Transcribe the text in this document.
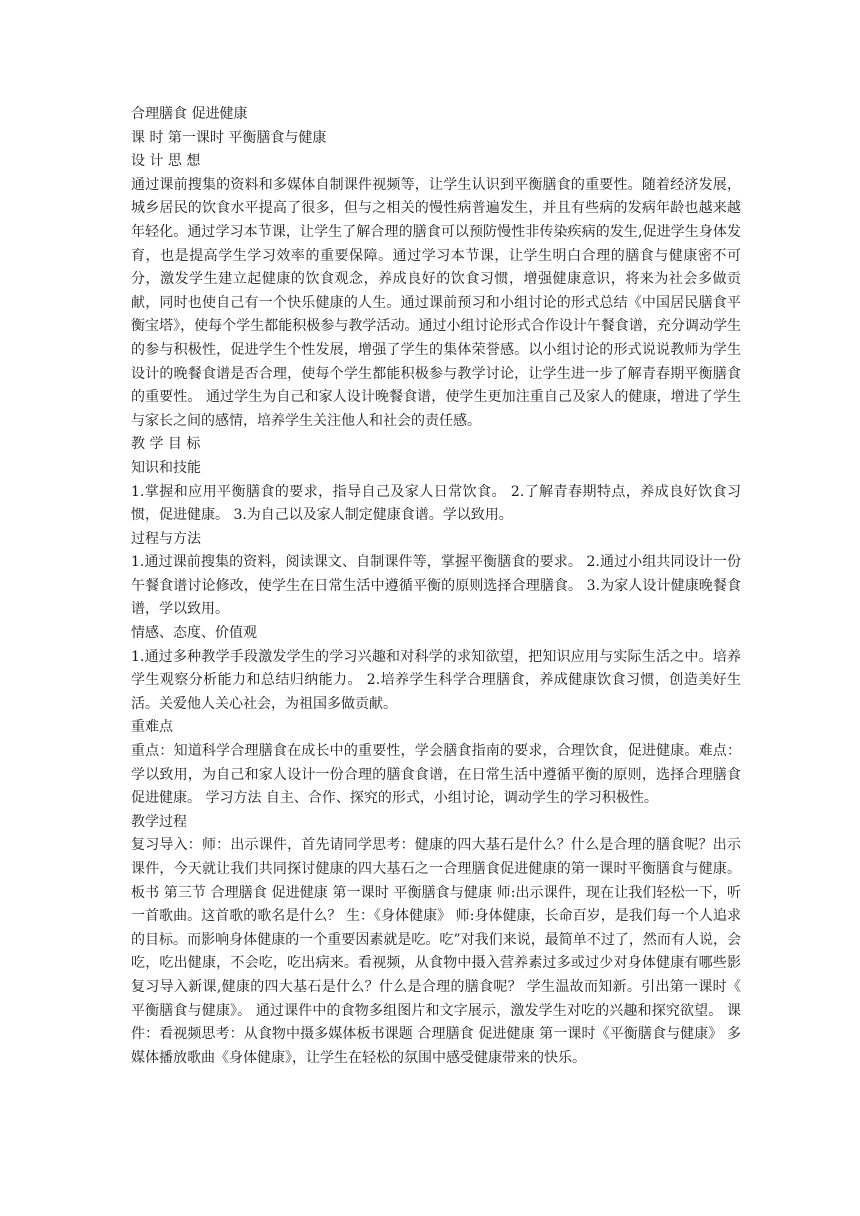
合理膳食 促进健康

课 时 第一课时 平衡膳食与健康

设 计 思 想

通过课前搜集的资料和多媒体自制课件视频等，让学生认识到平衡膳食的重要性。随着经济发展，城乡居民的饮食水平提高了很多，但与之相关的慢性病普遍发生，并且有些病的发病年龄也越来越年轻化。通过学习本节课，让学生了解合理的膳食可以预防慢性非传染疾病的发生,促进学生身体发育，也是提高学生学习效率的重要保障。通过学习本节课，让学生明白合理的膳食与健康密不可分，激发学生建立起健康的饮食观念，养成良好的饮食习惯，增强健康意识，将来为社会多做贡献，同时也使自己有一个快乐健康的人生。通过课前预习和小组讨论的形式总结《中国居民膳食平衡宝塔》，使每个学生都能积极参与教学活动。通过小组讨论形式合作设计午餐食谱，充分调动学生的参与积极性，促进学生个性发展，增强了学生的集体荣誉感。以小组讨论的形式说说教师为学生设计的晚餐食谱是否合理，使每个学生都能积极参与教学讨论，让学生进一步了解青春期平衡膳食的重要性。 通过学生为自己和家人设计晚餐食谱，使学生更加注重自己及家人的健康，增进了学生与家长之间的感情，培养学生关注他人和社会的责任感。

教 学 目 标

知识和技能

1.掌握和应用平衡膳食的要求，指导自己及家人日常饮食。 2.了解青春期特点，养成良好饮食习惯，促进健康。 3.为自己以及家人制定健康食谱。学以致用。

过程与方法

1.通过课前搜集的资料，阅读课文、自制课件等，掌握平衡膳食的要求。 2.通过小组共同设计一份午餐食谱讨论修改，使学生在日常生活中遵循平衡的原则选择合理膳食。 3.为家人设计健康晚餐食谱，学以致用。

情感、态度、价值观

1.通过多种教学手段激发学生的学习兴趣和对科学的求知欲望，把知识应用与实际生活之中。培养学生观察分析能力和总结归纳能力。 2.培养学生科学合理膳食，养成健康饮食习惯，创造美好生活。关爱他人关心社会，为祖国多做贡献。

重难点

重点：知道科学合理膳食在成长中的重要性，学会膳食指南的要求，合理饮食，促进健康。难点：学以致用，为自己和家人设计一份合理的膳食食谱，在日常生活中遵循平衡的原则，选择合理膳食促进健康。 学习方法 自主、合作、探究的形式，小组讨论，调动学生的学习积极性。

教学过程

复习导入：师：出示课件，首先请同学思考：健康的四大基石是什么？什么是合理的膳食呢？出示课件，今天就让我们共同探讨健康的四大基石之一合理膳食促进健康的第一课时平衡膳食与健康。板书 第三节 合理膳食 促进健康 第一课时 平衡膳食与健康 师:出示课件，现在让我们轻松一下，听一首歌曲。这首歌的歌名是什么？ 生：《身体健康》 师:身体健康，长命百岁，是我们每一个人追求的目标。而影响身体健康的一个重要因素就是吃。吃”对我们来说，最简单不过了，然而有人说，会吃，吃出健康，不会吃，吃出病来。看视频，从食物中摄入营养素过多或过少对身体健康有哪些影复习导入新课,健康的四大基石是什么？什么是合理的膳食呢？ 学生温故而知新。引出第一课时《 平衡膳食与健康》。 通过课件中的食物多组图片和文字展示，激发学生对吃的兴趣和探究欲望。 课件：看视频思考：从食物中摄多媒体板书课题 合理膳食 促进健康 第一课时《平衡膳食与健康》 多媒体播放歌曲《身体健康》，让学生在轻松的氛围中感受健康带来的快乐。
